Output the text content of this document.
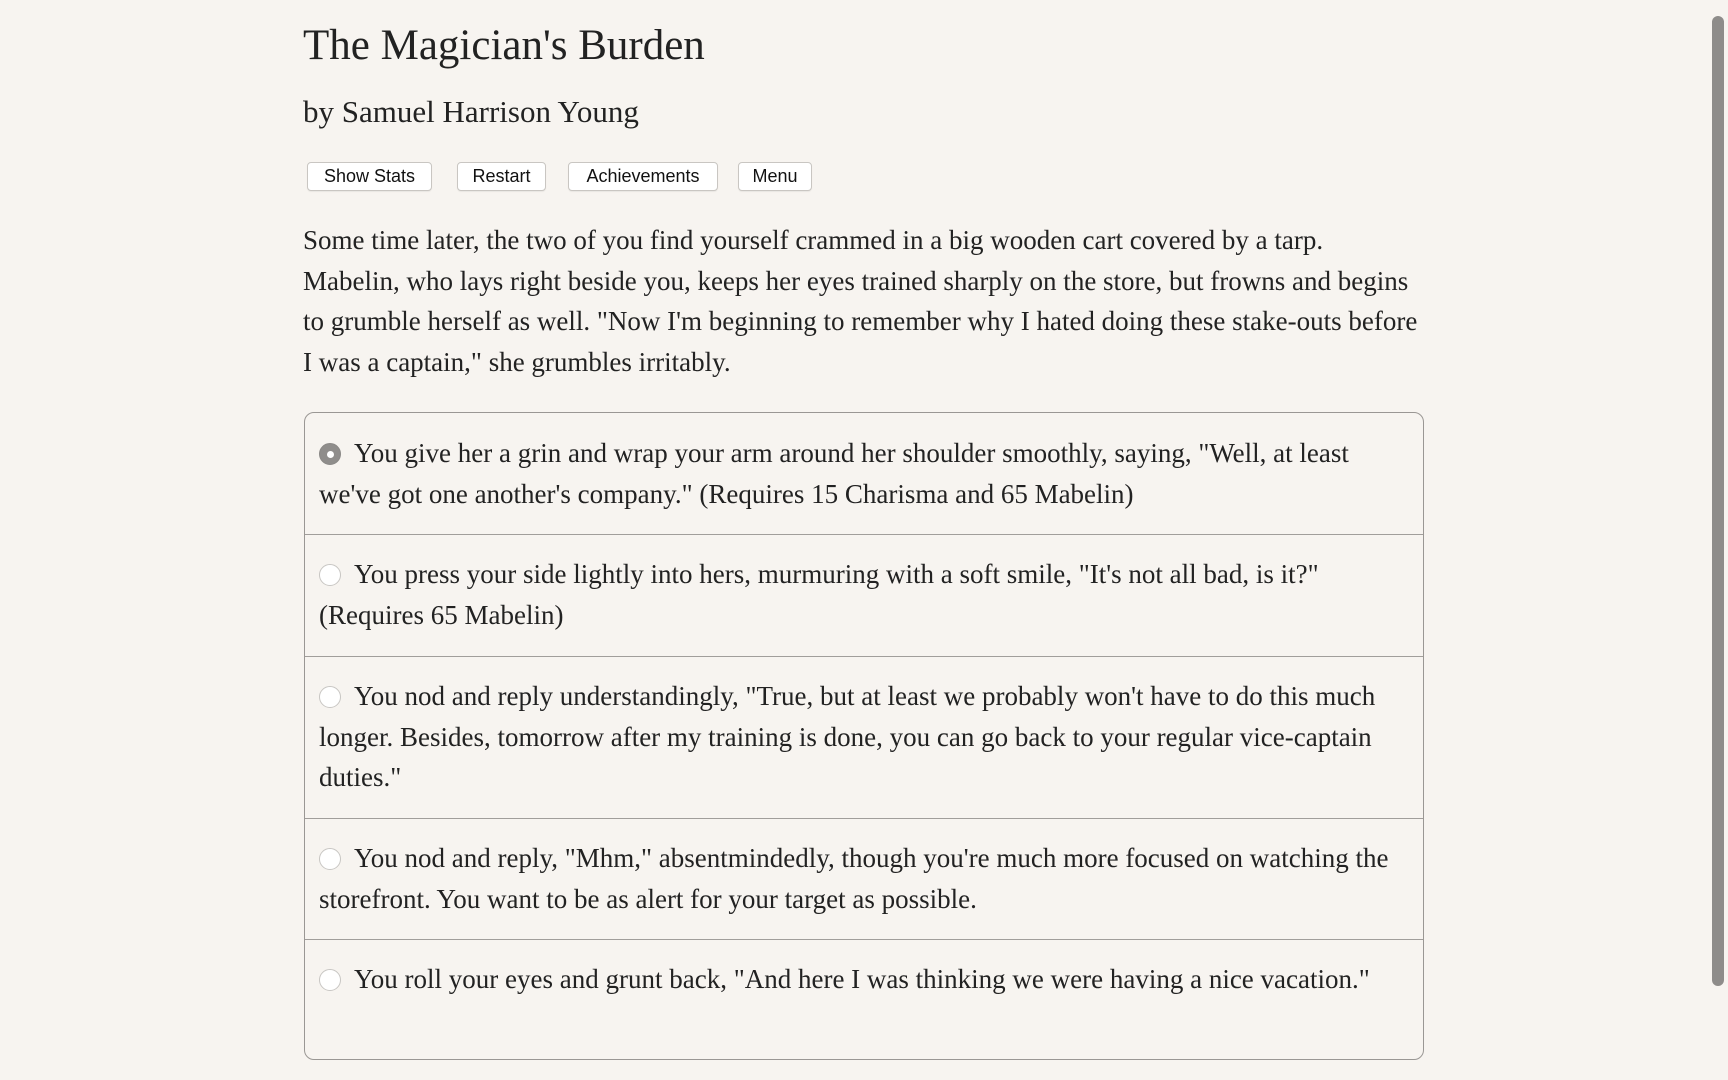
The Magician's Burden
by Samuel Harrison Young
Show Stats	Restart	Achievements	Menu

Some time later, the two of you find yourself crammed in a big wooden cart covered by a tarp. Mabelin, who lays right beside you, keeps her eyes trained sharply on the store, but frowns and begins to grumble herself as well. "Now I'm beginning to remember why I hated doing these stake-outs before I was a captain," she grumbles irritably.

You give her a grin and wrap your arm around her shoulder smoothly, saying, "Well, at least we've got one another's company." (Requires 15 Charisma and 65 Mabelin)
You press your side lightly into hers, murmuring with a soft smile, "It's not all bad, is it?" (Requires 65 Mabelin)
You nod and reply understandingly, "True, but at least we probably won't have to do this much longer. Besides, tomorrow after my training is done, you can go back to your regular vice-captain duties."
You nod and reply, "Mhm," absentmindedly, though you're much more focused on watching the storefront. You want to be as alert for your target as possible.
You roll your eyes and grunt back, "And here I was thinking we were having a nice vacation."
